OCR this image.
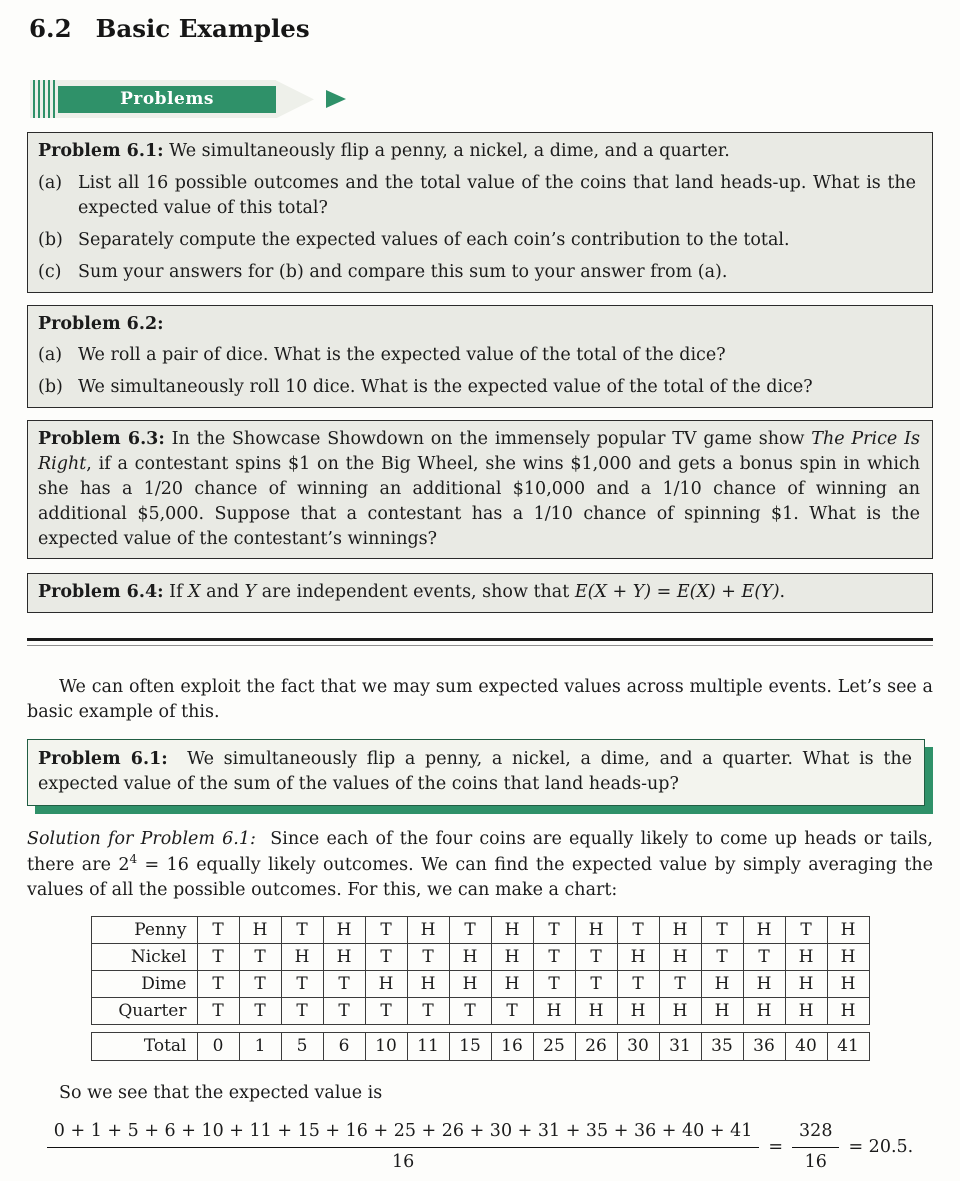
6.2 Basic Examples
Problems

Problem 6.1: We simultaneously flip a penny, a nickel, a dime, and a quarter.

(a) List all 16 possible outcomes and the total value of the coins that land heads-up. What is the expected value of this total?
(b) Separately compute the expected values of each coin’s contribution to the total.
(c) Sum your answers for (b) and compare this sum to your answer from (a).

Problem 6.2:

(a) We roll a pair of dice. What is the expected value of the total of the dice?
(b) We simultaneously roll 10 dice. What is the expected value of the total of the dice?

Problem 6.3: In the Showcase Showdown on the immensely popular TV game show The Price Is Right, if a contestant spins $1 on the Big Wheel, she wins $1,000 and gets a bonus spin in which she has a 1/20 chance of winning an additional $10,000 and a 1/10 chance of winning an additional $5,000. Suppose that a contestant has a 1/10 chance of spinning $1. What is the expected value of the contestant’s winnings?

Problem 6.4: If X and Y are independent events, show that E(X + Y) = E(X) + E(Y).

We can often exploit the fact that we may sum expected values across multiple events. Let’s see a basic example of this.

Problem 6.1: We simultaneously flip a penny, a nickel, a dime, and a quarter. What is the expected value of the sum of the values of the coins that land heads-up?

Solution for Problem 6.1: Since each of the four coins are equally likely to come up heads or tails, there are $2^4 = 16$ equally likely outcomes. We can find the expected value by simply averaging the values of all the possible outcomes. For this, we can make a chart:

Penny	T	H	T	H	T	H	T	H	T	H	T	H	T	H	T	H
Nickel	T	T	H	H	T	T	H	H	T	T	H	H	T	T	H	H
Dime	T	T	T	T	H	H	H	H	T	T	T	T	H	H	H	H
Quarter	T	T	T	T	T	T	T	T	H	H	H	H	H	H	H	H
Total	0	1	5	6	10	11	15	16	25	26	30	31	35	36	40	41

So we see that the expected value is

0 + 1 + 5 + 6 + 10 + 11 + 15 + 16 + 25 + 26 + 30 + 31 + 35 + 36 + 40 + 41
16
= $\frac{328}{16} = 20.5$.
